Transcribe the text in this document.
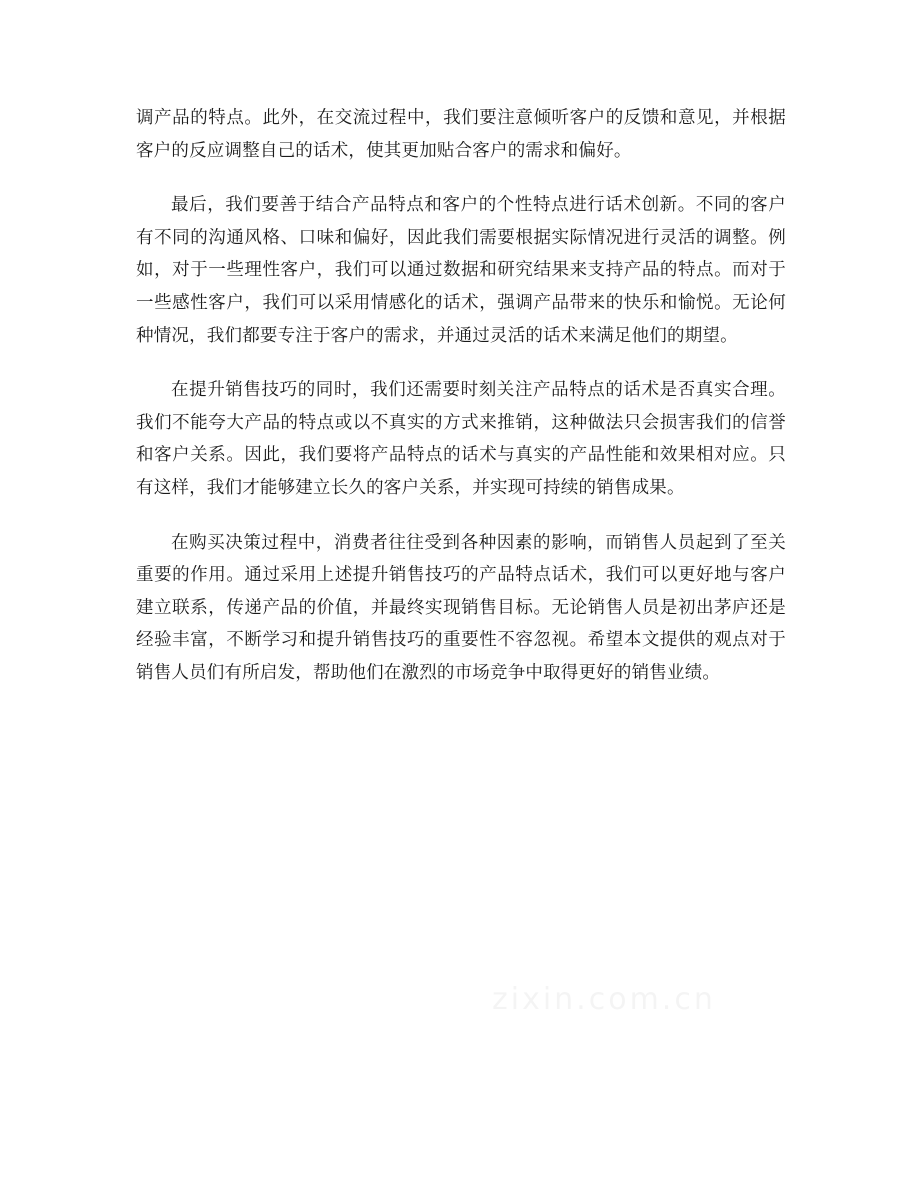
调产品的特点。此外，在交流过程中，我们要注意倾听客户的反馈和意见，并根据客户的反应调整自己的话术，使其更加贴合客户的需求和偏好。

最后，我们要善于结合产品特点和客户的个性特点进行话术创新。不同的客户有不同的沟通风格、口味和偏好，因此我们需要根据实际情况进行灵活的调整。例如，对于一些理性客户，我们可以通过数据和研究结果来支持产品的特点。而对于一些感性客户，我们可以采用情感化的话术，强调产品带来的快乐和愉悦。无论何种情况，我们都要专注于客户的需求，并通过灵活的话术来满足他们的期望。

在提升销售技巧的同时，我们还需要时刻关注产品特点的话术是否真实合理。我们不能夸大产品的特点或以不真实的方式来推销，这种做法只会损害我们的信誉和客户关系。因此，我们要将产品特点的话术与真实的产品性能和效果相对应。只有这样，我们才能够建立长久的客户关系，并实现可持续的销售成果。

在购买决策过程中，消费者往往受到各种因素的影响，而销售人员起到了至关重要的作用。通过采用上述提升销售技巧的产品特点话术，我们可以更好地与客户建立联系，传递产品的价值，并最终实现销售目标。无论销售人员是初出茅庐还是经验丰富，不断学习和提升销售技巧的重要性不容忽视。希望本文提供的观点对于销售人员们有所启发，帮助他们在激烈的市场竞争中取得更好的销售业绩。
